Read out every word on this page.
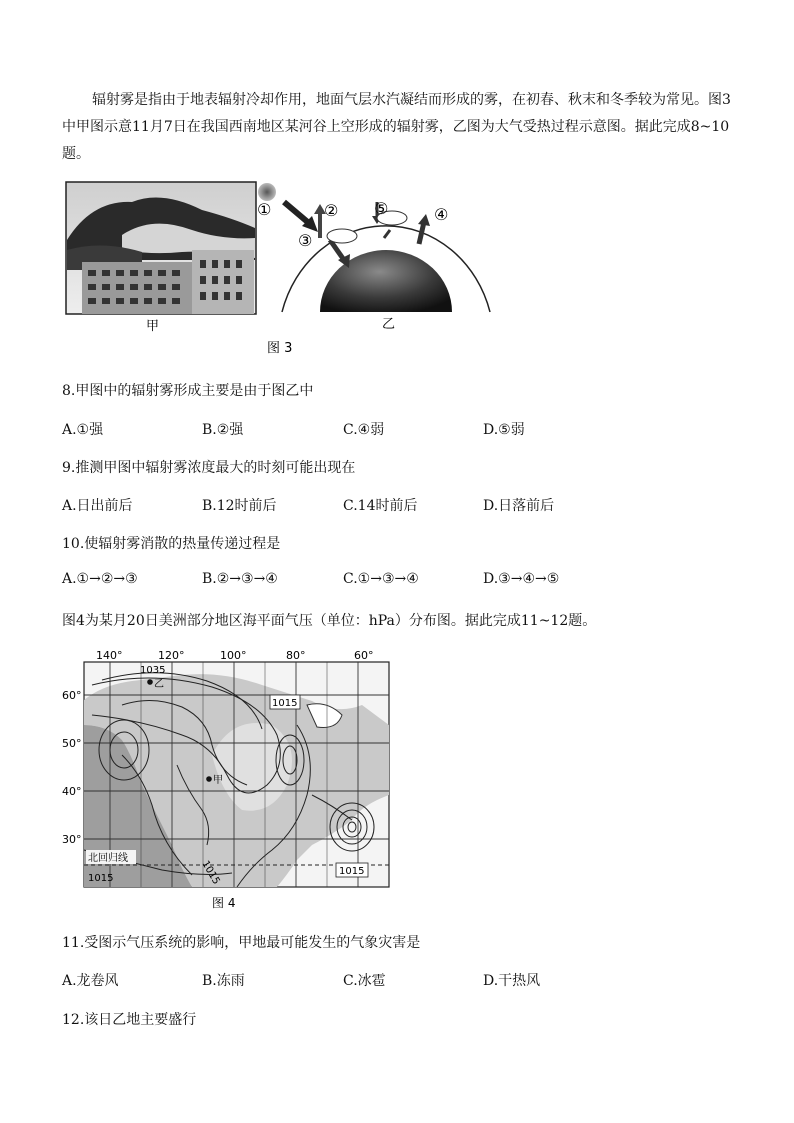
辐射雾是指由于地表辐射冷却作用，地面气层水汽凝结而形成的雾，在初春、秋末和冬季较为常见。图3中甲图示意11月7日在我国西南地区某河谷上空形成的辐射雾，乙图为大气受热过程示意图。据此完成8~10题。
①	②
③
⑤	④
甲	乙
图 3
8.甲图中的辐射雾形成主要是由于图乙中
A.①强	B.②强	C.④弱	D.⑤弱
9.推测甲图中辐射雾浓度最大的时刻可能出现在
A.日出前后	B.12时前后	C.14时前后	D.日落前后
10.使辐射雾消散的热量传递过程是
A.①→②→③	B.②→③→④	C.①→③→④	D.③→④→⑤
图4为某月20日美洲部分地区海平面气压（单位：hPa）分布图。据此完成11~12题。
140°	120°	100°	80°	60°
60°
50°
40°
30°
1035
1015
1015
1015
1015
乙
甲
北回归线
图 4
11.受图示气压系统的影响，甲地最可能发生的气象灾害是
A.龙卷风	B.冻雨	C.冰雹	D.干热风
12.该日乙地主要盛行
